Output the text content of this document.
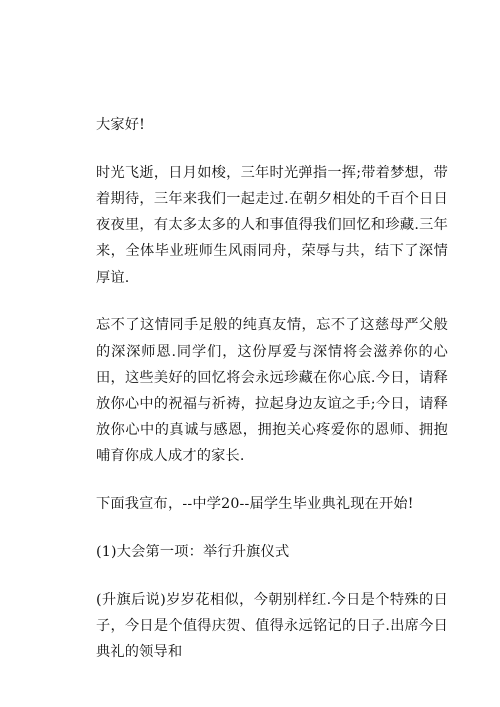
大家好!

时光飞逝，日月如梭，三年时光弹指一挥;带着梦想，带着期待，三年来我们一起走过.在朝夕相处的千百个日日夜夜里，有太多太多的人和事值得我们回忆和珍藏.三年来，全体毕业班师生风雨同舟，荣辱与共，结下了深情厚谊.

忘不了这情同手足般的纯真友情，忘不了这慈母严父般的深深师恩.同学们，这份厚爱与深情将会滋养你的心田，这些美好的回忆将会永远珍藏在你心底.今日，请释放你心中的祝福与祈祷，拉起身边友谊之手;今日，请释放你心中的真诚与感恩，拥抱关心疼爱你的恩师、拥抱哺育你成人成才的家长.

下面我宣布，--中学20--届学生毕业典礼现在开始!

(1)大会第一项：举行升旗仪式

(升旗后说)岁岁花相似，今朝别样红.今日是个特殊的日子，今日是个值得庆贺、值得永远铭记的日子.出席今日典礼的领导和
